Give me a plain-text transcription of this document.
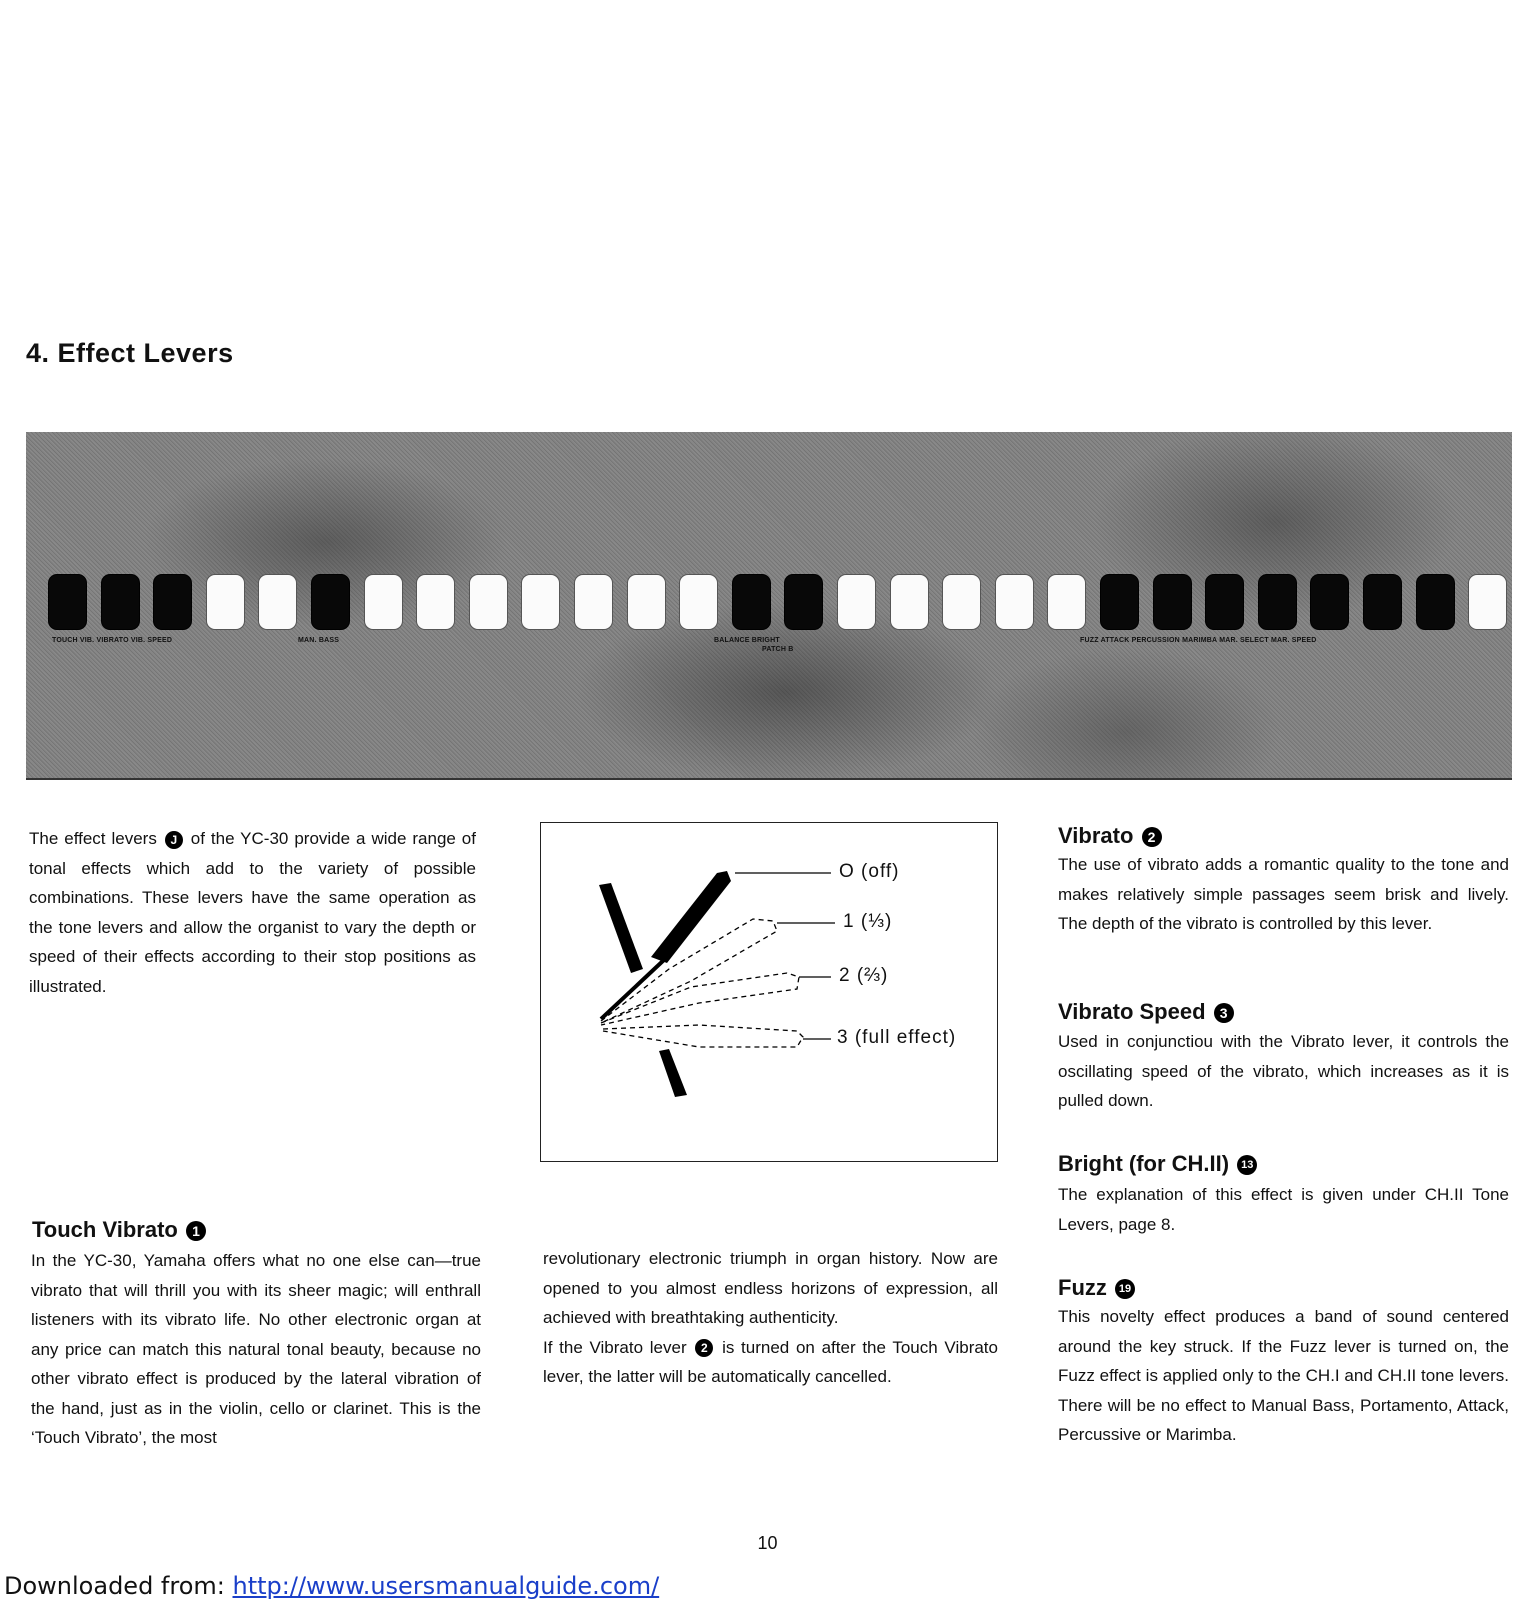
4. Effect Levers
TOUCH VIB. VIBRATO VIB. SPEED	MAN. BASS	BALANCE BRIGHT
PATCH B
FUZZ ATTACK PERCUSSION MARIMBA MAR. SELECT MAR. SPEED

The effect levers J of the YC-30 provide a wide range of tonal effects which add to the variety of possible combinations. These levers have the same operation as the tone levers and allow the organist to vary the depth or speed of their effects according to their stop positions as illustrated.

O (off)
1 (⅓)
2 (⅔)
3 (full effect)
Touch Vibrato 1

In the YC-30, Yamaha offers what no one else can—true vibrato that will thrill you with its sheer magic; will enthrall listeners with its vibrato life. No other electronic organ at any price can match this natural tonal beauty, because no other vibrato effect is produced by the lateral vibration of the hand, just as in the violin, cello or clarinet. This is the ‘Touch Vibrato’, the most

revolutionary electronic triumph in organ history. Now are opened to you almost endless horizons of expression, all achieved with breathtaking authenticity.

If the Vibrato lever 2 is turned on after the Touch Vibrato lever, the latter will be automatically cancelled.

Vibrato 2

The use of vibrato adds a romantic quality to the tone and makes relatively simple passages seem brisk and lively. The depth of the vibrato is controlled by this lever.

Vibrato Speed 3

Used in conjunctiou with the Vibrato lever, it controls the oscillating speed of the vibrato, which increases as it is pulled down.

Bright (for CH.II) 13

The explanation of this effect is given under CH.II Tone Levers, page 8.

Fuzz 19

This novelty effect produces a band of sound centered around the key struck. If the Fuzz lever is turned on, the Fuzz effect is applied only to the CH.I and CH.II tone levers. There will be no effect to Manual Bass, Portamento, Attack, Percussive or Marimba.

10
Downloaded from: http://www.usersmanualguide.com/
